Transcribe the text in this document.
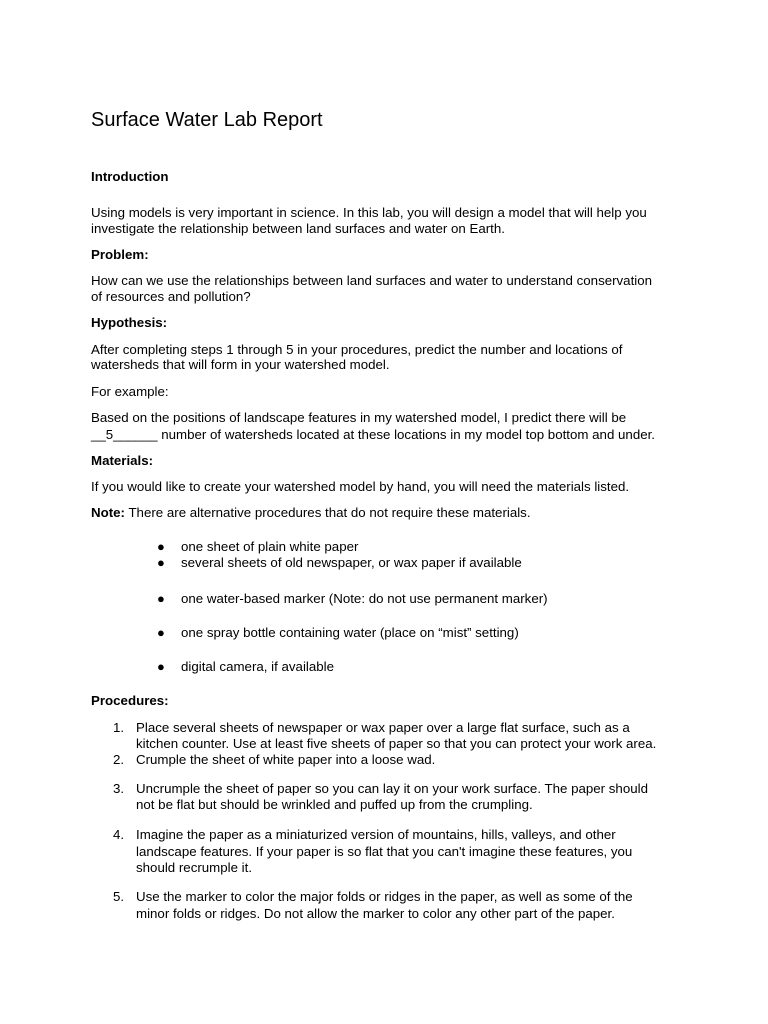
Surface Water Lab Report

Introduction

Using models is very important in science. In this lab, you will design a model that will help you

investigate the relationship between land surfaces and water on Earth.

Problem:

How can we use the relationships between land surfaces and water to understand conservation

of resources and pollution?

Hypothesis:

After completing steps 1 through 5 in your procedures, predict the number and locations of

watersheds that will form in your watershed model.

For example:

Based on the positions of landscape features in my watershed model, I predict there will be

__5______ number of watersheds located at these locations in my model top bottom and under.

Materials:

If you would like to create your watershed model by hand, you will need the materials listed.

Note: There are alternative procedures that do not require these materials.

● one sheet of plain white paper
● several sheets of old newspaper, or wax paper if available
● one water-based marker (Note: do not use permanent marker)
● one spray bottle containing water (place on “mist” setting)
● digital camera, if available

Procedures:

1. Place several sheets of newspaper or wax paper over a large flat surface, such as a
kitchen counter. Use at least five sheets of paper so that you can protect your work area.
2. Crumple the sheet of white paper into a loose wad.
3. Uncrumple the sheet of paper so you can lay it on your work surface. The paper should
not be flat but should be wrinkled and puffed up from the crumpling.
4. Imagine the paper as a miniaturized version of mountains, hills, valleys, and other
landscape features. If your paper is so flat that you can't imagine these features, you
should recrumple it.
5. Use the marker to color the major folds or ridges in the paper, as well as some of the
minor folds or ridges. Do not allow the marker to color any other part of the paper.
